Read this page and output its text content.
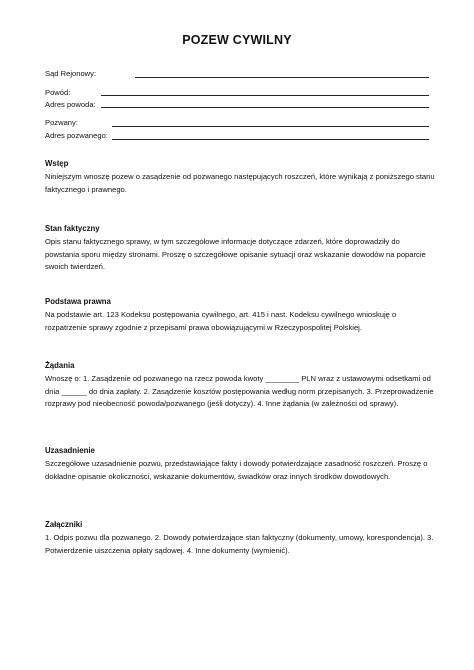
POZEW CYWILNY
Sąd Rejonowy:
Powód:
Adres powoda:
Pozwany:
Adres pozwanego:
Wstęp
Niniejszym wnoszę pozew o zasądzenie od pozwanego następujących roszczeń, które wynikają z poniższego stanu faktycznego i prawnego.
Stan faktyczny
Opis stanu faktycznego sprawy, w tym szczegółowe informacje dotyczące zdarzeń, które doprowadziły do powstania sporu między stronami. Proszę o szczegółowe opisanie sytuacji oraz wskazanie dowodów na poparcie swoich twierdzeń.
Podstawa prawna
Na podstawie art. 123 Kodeksu postępowania cywilnego, art. 415 i nast. Kodeksu cywilnego wnioskuję o rozpatrzenie sprawy zgodnie z przepisami prawa obowiązującymi w Rzeczypospolitej Polskiej.
Żądania
Wnoszę o: 1. Zasądzenie od pozwanego na rzecz powoda kwoty ________ PLN wraz z ustawowymi odsetkami od dnia ______ do dnia zapłaty. 2. Zasądzenie kosztów postępowania według norm przepisanych. 3. Przeprowadzenie rozprawy pod nieobecność powoda/pozwanego (jeśli dotyczy). 4. Inne żądania (w zależności od sprawy).
Uzasadnienie
Szczegółowe uzasadnienie pozwu, przedstawiające fakty i dowody potwierdzające zasadność roszczeń. Proszę o dokładne opisanie okoliczności, wskazanie dokumentów, świadków oraz innych środków dowodowych.
Załączniki
1. Odpis pozwu dla pozwanego. 2. Dowody potwierdzające stan faktyczny (dokumenty, umowy, korespondencja). 3. Potwierdzenie uiszczenia opłaty sądowej. 4. Inne dokumenty (wymienić).
